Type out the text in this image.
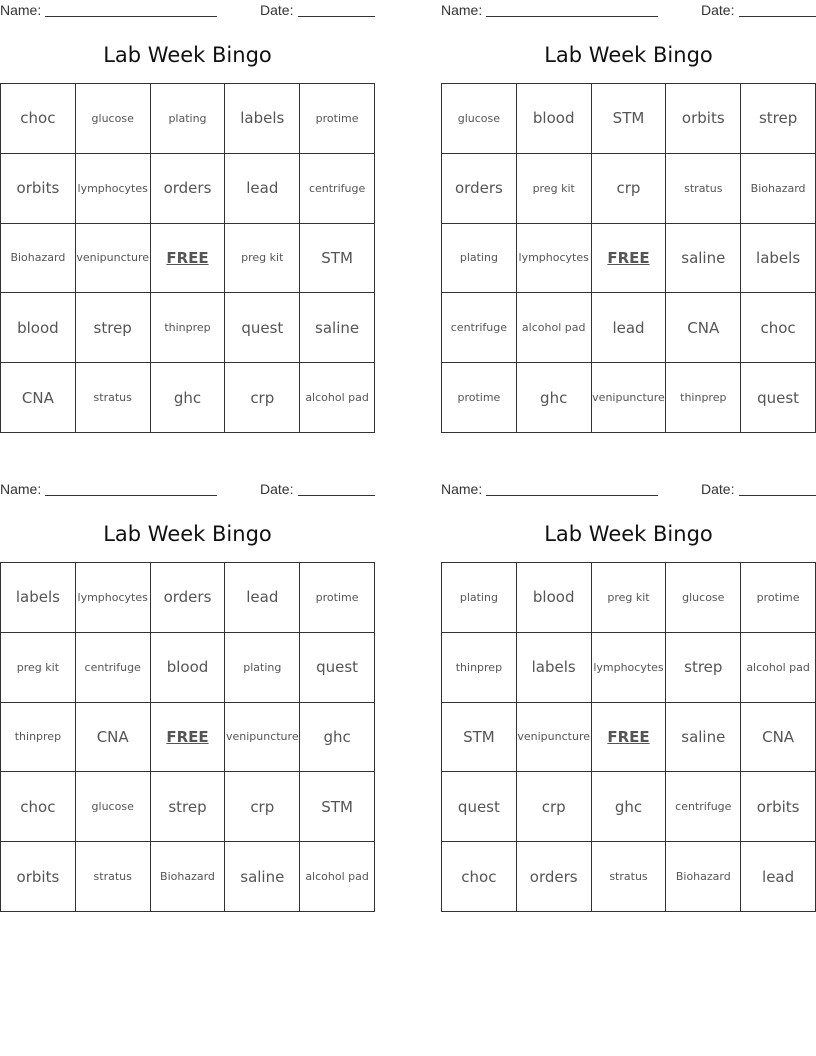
Name:	Date:
Lab Week Bingo
choc	glucose	plating	labels	protime
orbits	lymphocytes	orders	lead	centrifuge
Biohazard	venipuncture	FREE	preg kit	STM
blood	strep	thinprep	quest	saline
CNA	stratus	ghc	crp	alcohol pad
Name:	Date:
Lab Week Bingo
glucose	blood	STM	orbits	strep
orders	preg kit	crp	stratus	Biohazard
plating	lymphocytes	FREE	saline	labels
centrifuge	alcohol pad	lead	CNA	choc
protime	ghc	venipuncture	thinprep	quest
Name:	Date:
Lab Week Bingo
labels	lymphocytes	orders	lead	protime
preg kit	centrifuge	blood	plating	quest
thinprep	CNA	FREE	venipuncture	ghc
choc	glucose	strep	crp	STM
orbits	stratus	Biohazard	saline	alcohol pad
Name:	Date:
Lab Week Bingo
plating	blood	preg kit	glucose	protime
thinprep	labels	lymphocytes	strep	alcohol pad
STM	venipuncture	FREE	saline	CNA
quest	crp	ghc	centrifuge	orbits
choc	orders	stratus	Biohazard	lead
